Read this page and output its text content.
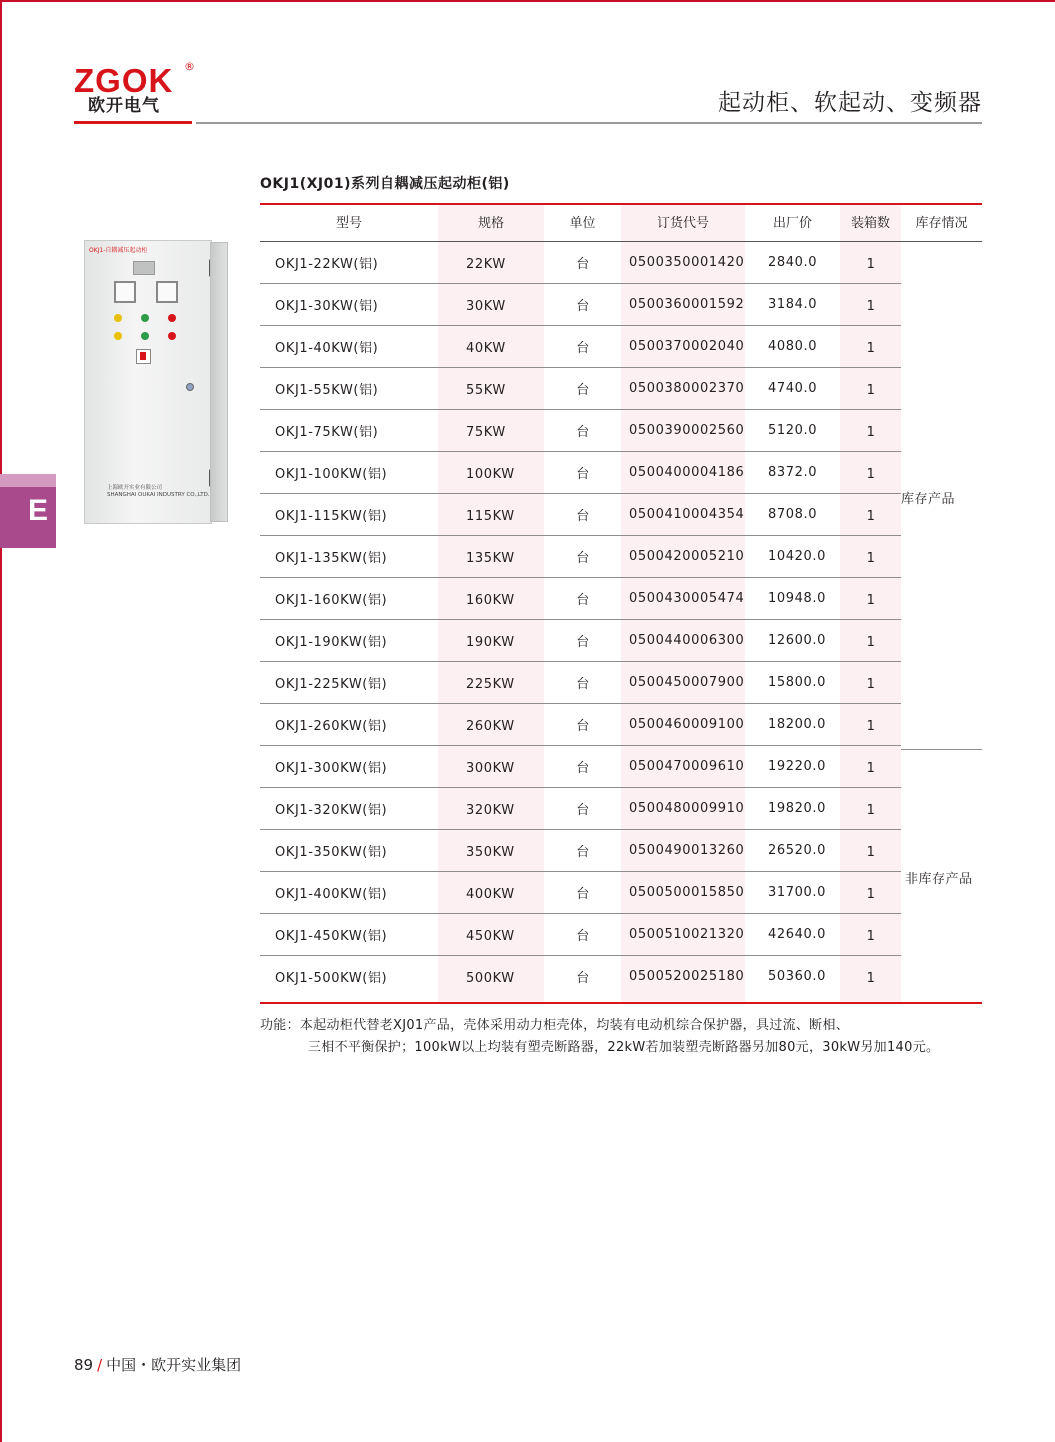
ZGOK ®
欧开电气	起动柜、软起动、变频器
E
OKJ1-自耦减压起动柜
上海欧开实业有限公司
SHANGHAI OUKAI INDUSTRY CO.,LTD.
OKJ1(XJ01)系列自耦减压起动柜(铝)
型号	规格	单位	订货代号	出厂价	装箱数	库存情况
OKJ1-22KW(铝)	22KW	台	0500350001420 2840.0	1
OKJ1-30KW(铝)	30KW	台	0500360001592 3184.0	1
OKJ1-40KW(铝)	40KW	台	0500370002040 4080.0	1
OKJ1-55KW(铝)	55KW	台	0500380002370 4740.0	1
OKJ1-75KW(铝)	75KW	台	0500390002560 5120.0	1
OKJ1-100KW(铝)	100KW	台	0500400004186 8372.0	1
OKJ1-115KW(铝)	115KW	台	0500410004354 8708.0	1
OKJ1-135KW(铝)	135KW	台	0500420005210 10420.0	1
OKJ1-160KW(铝)	160KW	台	0500430005474 10948.0	1
OKJ1-190KW(铝)	190KW	台	0500440006300 12600.0	1
OKJ1-225KW(铝)	225KW	台	0500450007900 15800.0	1
OKJ1-260KW(铝)	260KW	台	0500460009100 18200.0	1
OKJ1-300KW(铝)	300KW	台	0500470009610 19220.0	1
OKJ1-320KW(铝)	320KW	台	0500480009910 19820.0	1
OKJ1-350KW(铝)	350KW	台	0500490013260 26520.0	1
OKJ1-400KW(铝)	400KW	台	0500500015850 31700.0	1
OKJ1-450KW(铝)	450KW	台	0500510021320 42640.0	1
OKJ1-500KW(铝)	500KW	台	0500520025180 50360.0	1
库存产品
非库存产品
功能：本起动柜代替老XJ01产品，壳体采用动力柜壳体，均装有电动机综合保护器，具过流、断相、
三相不平衡保护；100kW以上均装有塑壳断路器，22kW若加装塑壳断路器另加80元，30kW另加140元。
89 / 中国・欧开实业集团
